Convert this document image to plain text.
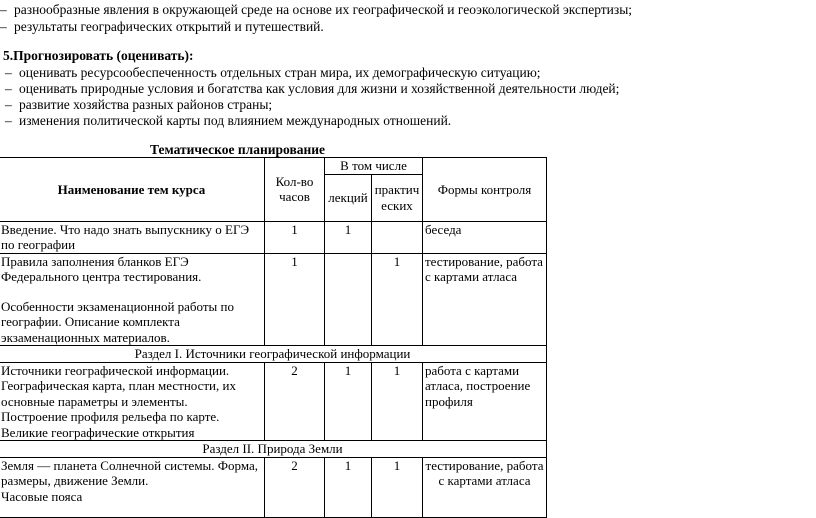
– разнообразные явления в окружающей среде на основе их географической и геоэкологической экспертизы;
– результаты географических открытий и путешествий.
5.Прогнозировать (оценивать):
– оценивать ресурсообеспеченность отдельных стран мира, их демографическую ситуацию;
– оценивать природные условия и богатства как условия для жизни и хозяйственной деятельности людей;
– развитие хозяйства разных районов страны;
– изменения политической карты под влиянием международных отношений.
Тематическое планирование
Наименование тем курса	Кол-во часов	В том числе		Формы контроля
		лекций	практических	
Введение. Что надо знать выпускнику о ЕГЭ по географии	1	1		беседа

Правила заполнения бланков ЕГЭ Федерального центра тестирования.
Особенности экзаменационной работы по географии. Описание комплекта экзаменационных материалов.	1		1	тестирование, работа с картами атласа
Раздел I. Источники географической информации				

Источники географической информации.
Географическая карта, план местности, их основные параметры и элементы.
Построение профиля рельефа по карте.
Великие географические открытия	2	1	1	работа с картами атласа, построение профиля
Раздел II. Природа Земли				

Земля — планета Солнечной системы. Форма, размеры, движение Земли.
Часовые пояса	2	1	1	тестирование, работа с картами атласа
